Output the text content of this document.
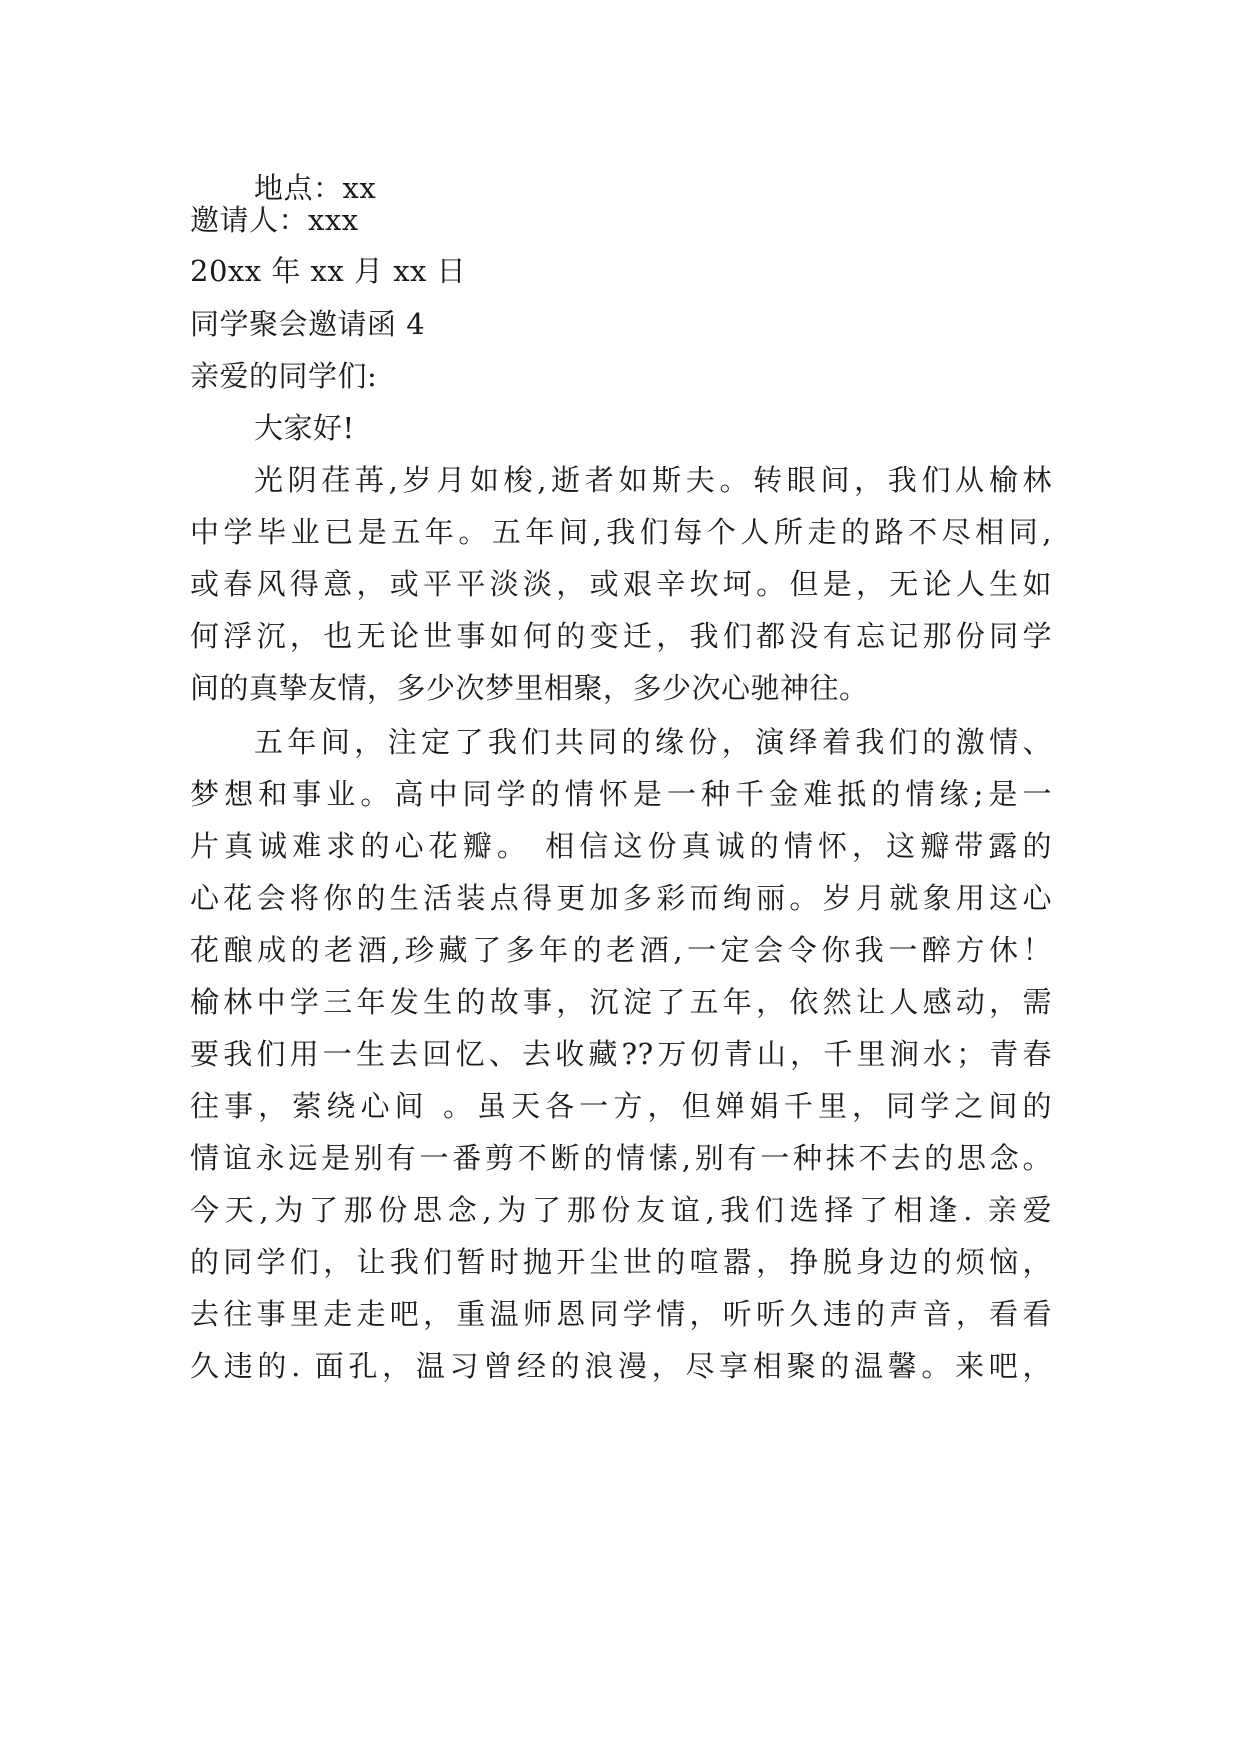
地点：xx
邀请人：xxx
20xx 年 xx 月 xx 日
同学聚会邀请函 4
亲爱的同学们:
大家好!
光阴荏苒,岁月如梭,逝者如斯夫。转眼间，我们从榆林
中学毕业已是五年。五年间,我们每个人所走的路不尽相同,
或春风得意，或平平淡淡，或艰辛坎坷。但是，无论人生如
何浮沉，也无论世事如何的变迁，我们都没有忘记那份同学
间的真挚友情，多少次梦里相聚，多少次心驰神往。
五年间，注定了我们共同的缘份，演绎着我们的激情、
梦想和事业。高中同学的情怀是一种千金难抵的情缘;是一
片真诚难求的心花瓣。 相信这份真诚的情怀，这瓣带露的
心花会将你的生活装点得更加多彩而绚丽。岁月就象用这心
花酿成的老酒,珍藏了多年的老酒,一定会令你我一醉方休！
榆林中学三年发生的故事，沉淀了五年，依然让人感动，需
要我们用一生去回忆、去收藏??万仞青山，千里涧水；青春
往事，萦绕心间 。虽天各一方，但婵娟千里，同学之间的
情谊永远是别有一番剪不断的情愫,别有一种抹不去的思念。
今天,为了那份思念,为了那份友谊,我们选择了相逢. 亲爱
的同学们，让我们暂时抛开尘世的喧嚣，挣脱身边的烦恼，
去往事里走走吧，重温师恩同学情，听听久违的声音，看看
久违的. 面孔，温习曾经的浪漫，尽享相聚的温馨。来吧，
